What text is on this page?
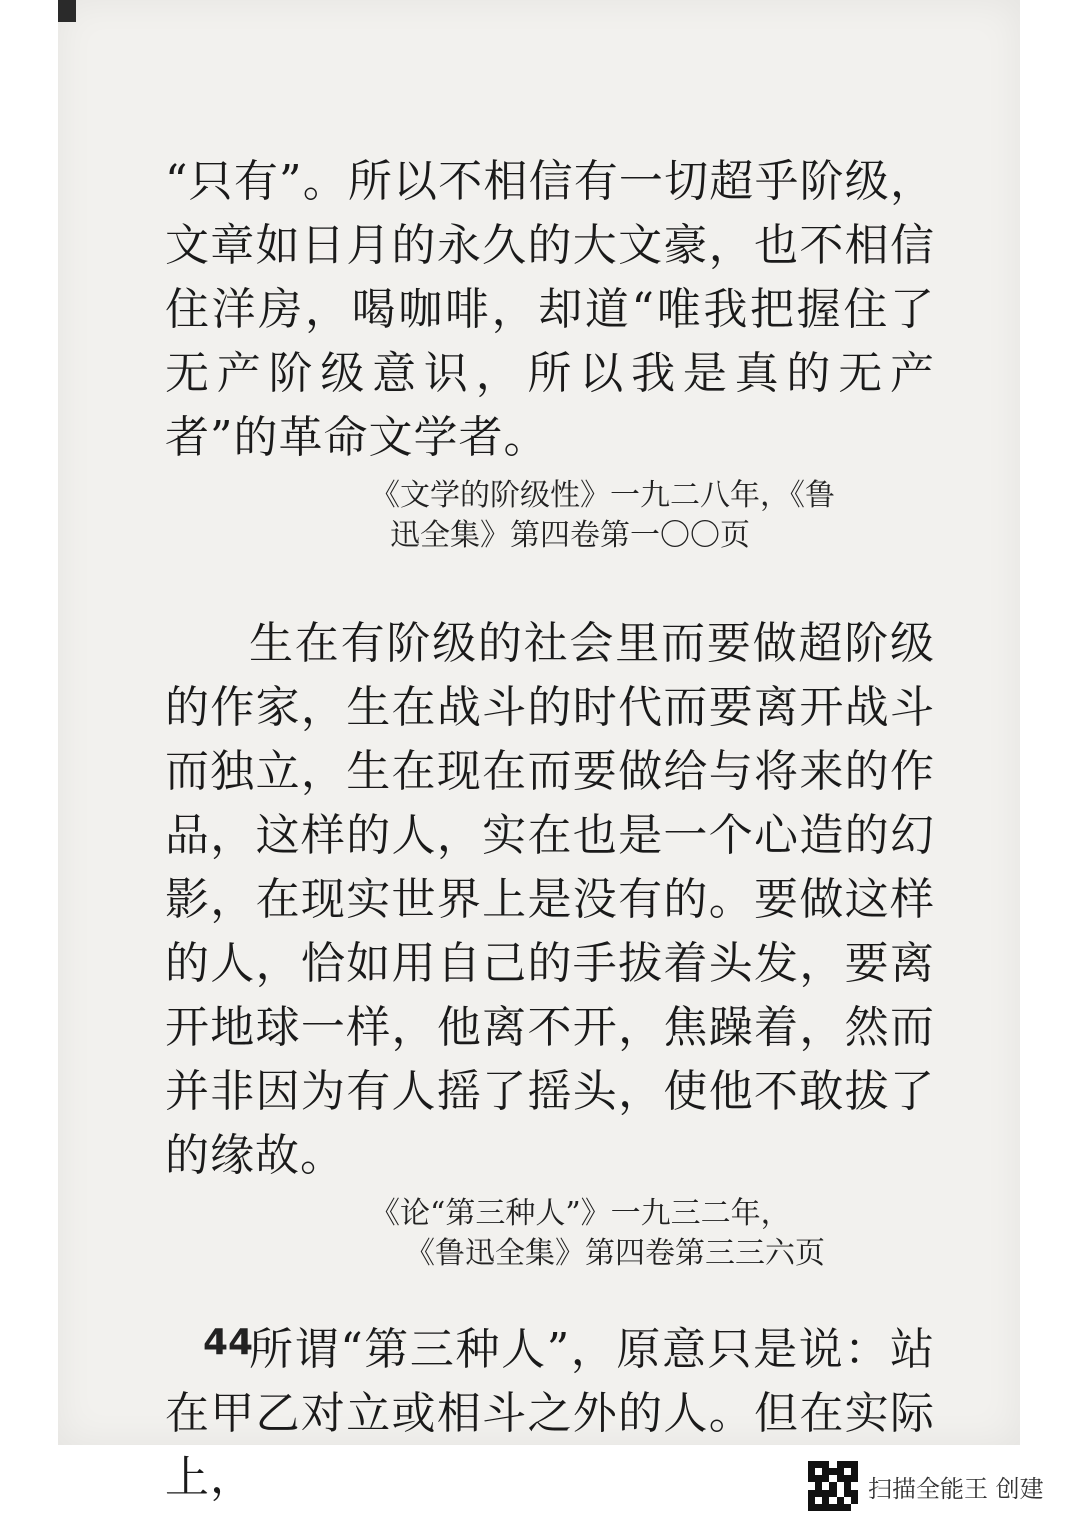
“只有”。所以不相信有一切超乎阶级，文章如日月的永久的大文豪，也不相信住洋房，喝咖啡，却道“唯我把握住了无产阶级意识，所以我是真的无产者”的革命文学者。

《文学的阶级性》一九二八年，《鲁
迅全集》第四卷第一〇〇页

生在有阶级的社会里而要做超阶级的作家，生在战斗的时代而要离开战斗而独立，生在现在而要做给与将来的作品，这样的人，实在也是一个心造的幻影，在现实世界上是没有的。要做这样的人，恰如用自己的手拔着头发，要离开地球一样，他离不开，焦躁着，然而并非因为有人摇了摇头，使他不敢拔了的缘故。

《论“第三种人”》一九三二年，
《鲁迅全集》第四卷第三三六页

所谓“第三种人”，原意只是说：站在甲乙对立或相斗之外的人。但在实际上，

44
扫描全能王 创建
